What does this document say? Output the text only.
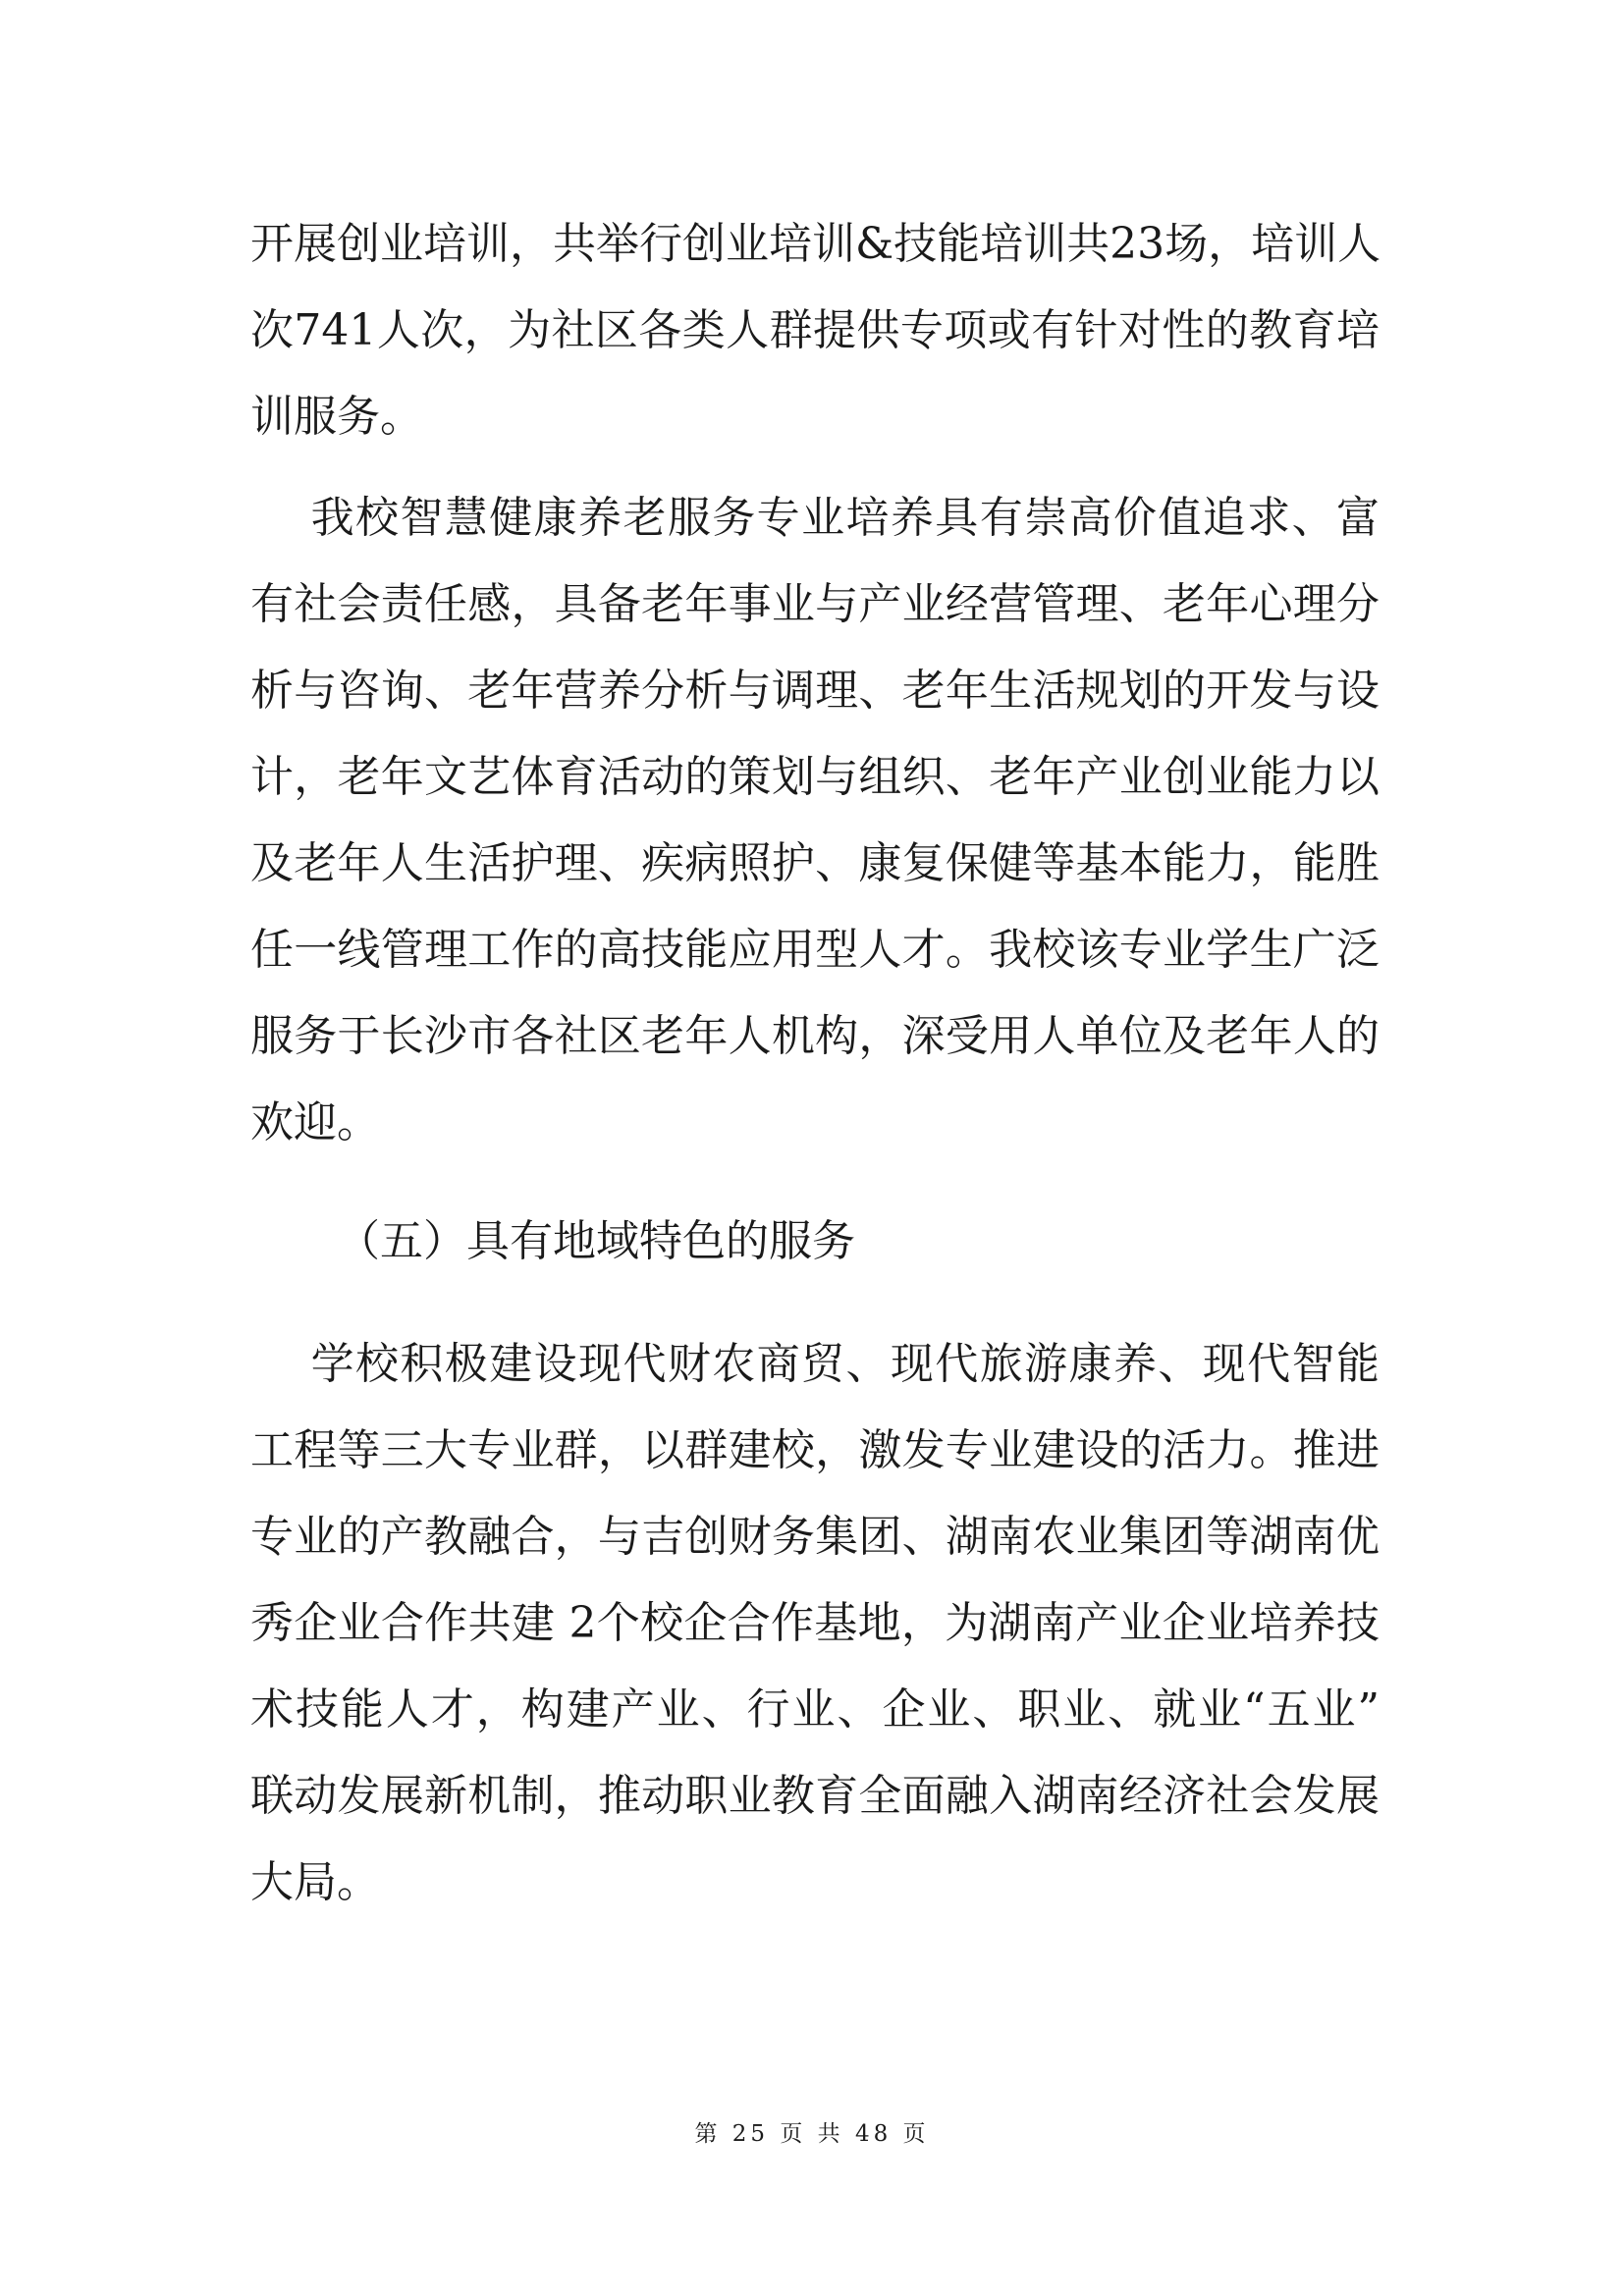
开展创业培训，共举行创业培训&技能培训共23场，培训人
次741人次，为社区各类人群提供专项或有针对性的教育培
训服务。
我校智慧健康养老服务专业培养具有崇高价值追求、富
有社会责任感，具备老年事业与产业经营管理、老年心理分
析与咨询、老年营养分析与调理、老年生活规划的开发与设
计，老年文艺体育活动的策划与组织、老年产业创业能力以
及老年人生活护理、疾病照护、康复保健等基本能力，能胜
任一线管理工作的高技能应用型人才。我校该专业学生广泛
服务于长沙市各社区老年人机构，深受用人单位及老年人的
欢迎。
（五）具有地域特色的服务
学校积极建设现代财农商贸、现代旅游康养、现代智能
工程等三大专业群，以群建校，激发专业建设的活力。推进
专业的产教融合，与吉创财务集团、湖南农业集团等湖南优
秀企业合作共建 2个校企合作基地，为湖南产业企业培养技
术技能人才，构建产业、行业、企业、职业、就业“五业”
联动发展新机制，推动职业教育全面融入湖南经济社会发展
大局。
第 25 页 共 48 页
